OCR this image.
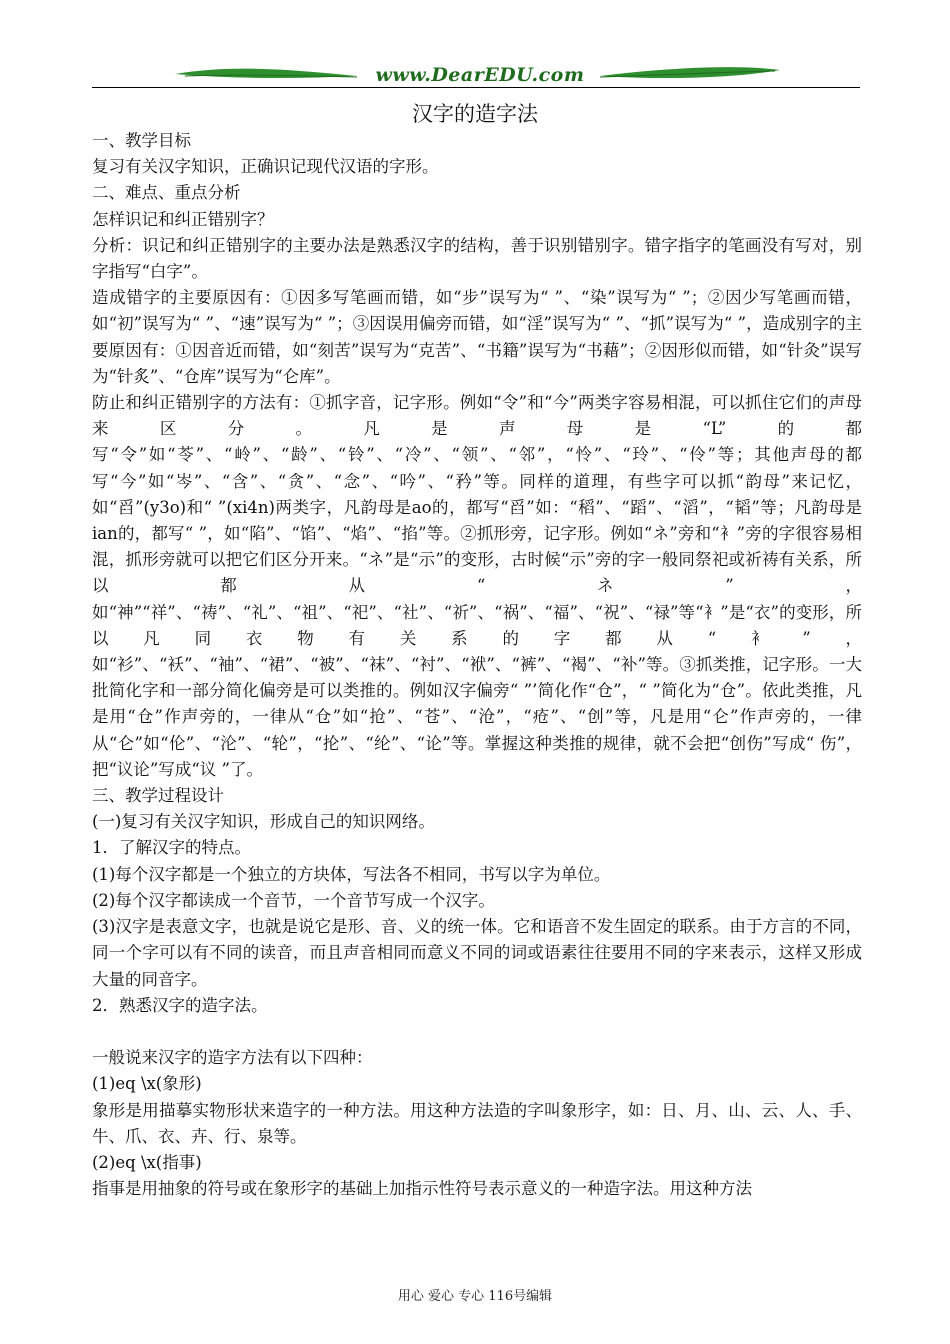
www.DearEDU.com
汉字的造字法

一、教学目标

复习有关汉字知识，正确识记现代汉语的字形。

二、难点、重点分析

怎样识记和纠正错别字？

分析：识记和纠正错别字的主要办法是熟悉汉字的结构，善于识别错别字。错字指字的笔画没有写对，别字指写“白字”。

造成错字的主要原因有：①因多写笔画而错，如“步”误写为“ ”、“染”误写为“ ”；②因少写笔画而错，如“初”误写为“ ”、“速”误写为“ ”；③因误用偏旁而错，如“淫”误写为“ ”、“抓”误写为“ ”，造成别字的主要原因有：①因音近而错，如“刻苦”误写为“克苦”、“书籍”误写为“书藉”；②因形似而错，如“针灸”误写为“针炙”、“仓库”误写为“仑库”。

防止和纠正错别字的方法有：①抓字音，记字形。例如“令”和“今”两类字容易相混，可以抓住它们的声母来区分。凡是声母是“L”的都写“令”如“苓”、“岭”、“龄”、“铃”、“冷”、“领”、“邻”，“怜”、“玲”、“伶”等；其他声母的都写“今”如“岑”、“含”、“贪”、“念”、“吟”、“矜”等。同样的道理，有些字可以抓“韵母”来记忆，如“舀”(y3o)和“ ”(xi4n)两类字，凡韵母是ao的，都写“舀”如：“稻”、“蹈”、“滔”，“韬”等；凡韵母是ian的，都写“ ”，如“陷”、“馅”、“焰”、“掐”等。②抓形旁，记字形。例如“ネ”旁和“衤”旁的字很容易相混，抓形旁就可以把它们区分开来。“ネ”是“示”的变形，古时候“示”旁的字一般同祭祀或祈祷有关系，所以都从“ネ”，如“神”“祥”、“祷”、“礼”、“祖”、“祀”、“社”、“祈”、“祸”、“福”、“祝”、“禄”等“衤”是“衣”的变形，所以凡同衣物有关系的字都从“衤”，如“衫”、“袄”、“袖”、“裙”、“被”、“袜”、“衬”、“袱”、“裤”、“褐”、“补”等。③抓类推，记字形。一大批简化字和一部分简化偏旁是可以类推的。例如汉字偏旁“ ”’简化作“仓”，“ ”简化为“仓”。依此类推，凡是用“仓”作声旁的，一律从“仓”如“抢”、“苍”、“沧”，“疮”、“创”等，凡是用“仑”作声旁的，一律从“仑”如“伦”、“沦”、“轮”，“抡”、“纶”、“论”等。掌握这种类推的规律，就不会把“创伤”写成“ 伤”，把“议论”写成“议 ”了。

三、教学过程设计

(一)复习有关汉字知识，形成自己的知识网络。

1．了解汉字的特点。

(1)每个汉字都是一个独立的方块体，写法各不相同，书写以字为单位。

(2)每个汉字都读成一个音节，一个音节写成一个汉字。

(3)汉字是表意文字，也就是说它是形、音、义的统一体。它和语音不发生固定的联系。由于方言的不同，同一个字可以有不同的读音，而且声音相同而意义不同的词或语素往往要用不同的字来表示，这样又形成大量的同音字。

2．熟悉汉字的造字法。

一般说来汉字的造字方法有以下四种：

(1)eq \x(象形)

象形是用描摹实物形状来造字的一种方法。用这种方法造的字叫象形字，如：日、月、山、云、人、手、牛、爪、衣、卉、行、泉等。

(2)eq \x(指事)

指事是用抽象的符号或在象形字的基础上加指示性符号表示意义的一种造字法。用这种方法

用心 爱心 专心 116号编辑
